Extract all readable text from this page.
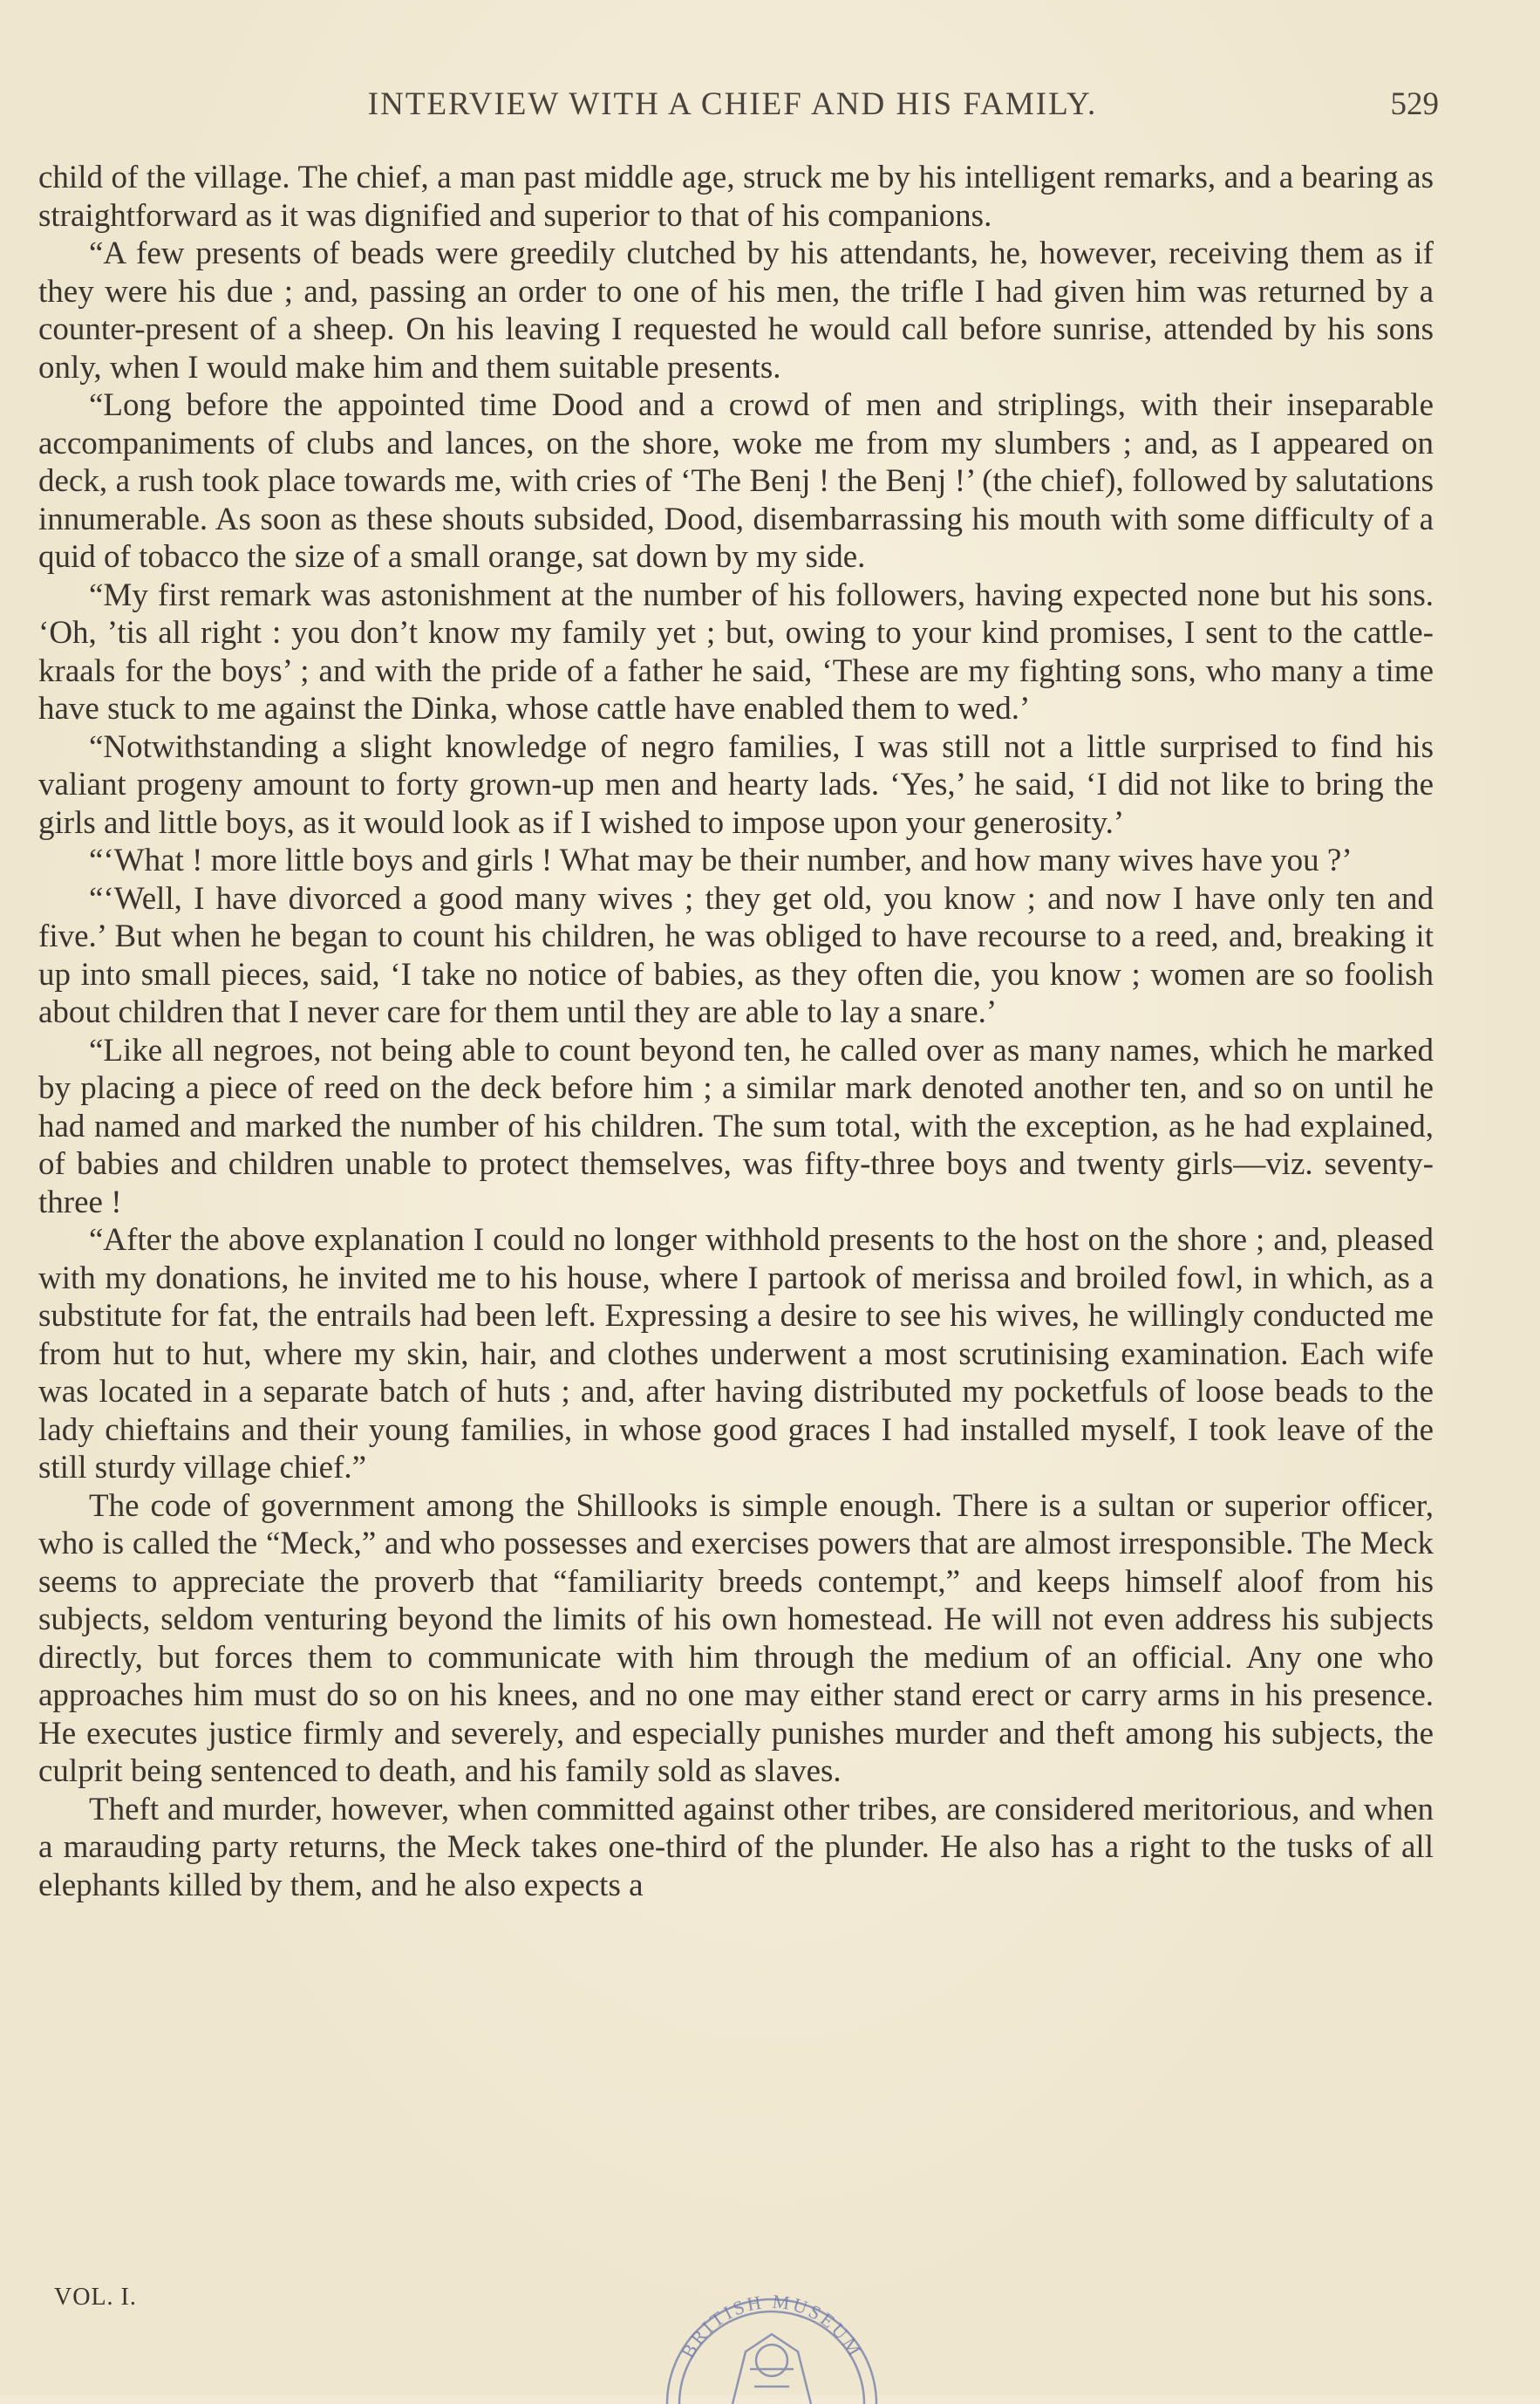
INTERVIEW WITH A CHIEF AND HIS FAMILY.	529

child of the village. The chief, a man past middle age, struck me by his intelligent remarks, and a bearing as straightforward as it was dignified and superior to that of his companions.

“A few presents of beads were greedily clutched by his attendants, he, however, receiving them as if they were his due ; and, passing an order to one of his men, the trifle I had given him was returned by a counter-present of a sheep. On his leaving I requested he would call before sunrise, attended by his sons only, when I would make him and them suitable presents.

“Long before the appointed time Dood and a crowd of men and striplings, with their inseparable accompaniments of clubs and lances, on the shore, woke me from my slumbers ; and, as I appeared on deck, a rush took place towards me, with cries of ‘The Benj ! the Benj !’ (the chief), followed by salutations innumerable. As soon as these shouts subsided, Dood, disembarrassing his mouth with some difficulty of a quid of tobacco the size of a small orange, sat down by my side.

“My first remark was astonishment at the number of his followers, having expected none but his sons. ‘Oh, ’tis all right : you don’t know my family yet ; but, owing to your kind promises, I sent to the cattle-kraals for the boys’ ; and with the pride of a father he said, ‘These are my fighting sons, who many a time have stuck to me against the Dinka, whose cattle have enabled them to wed.’

“Notwithstanding a slight knowledge of negro families, I was still not a little surprised to find his valiant progeny amount to forty grown-up men and hearty lads. ‘Yes,’ he said, ‘I did not like to bring the girls and little boys, as it would look as if I wished to impose upon your generosity.’

“‘What ! more little boys and girls ! What may be their number, and how many wives have you ?’

“‘Well, I have divorced a good many wives ; they get old, you know ; and now I have only ten and five.’ But when he began to count his children, he was obliged to have recourse to a reed, and, breaking it up into small pieces, said, ‘I take no notice of babies, as they often die, you know ; women are so foolish about children that I never care for them until they are able to lay a snare.’

“Like all negroes, not being able to count beyond ten, he called over as many names, which he marked by placing a piece of reed on the deck before him ; a similar mark denoted another ten, and so on until he had named and marked the number of his children. The sum total, with the exception, as he had explained, of babies and children unable to protect themselves, was fifty-three boys and twenty girls—viz. seventy-three !

“After the above explanation I could no longer withhold presents to the host on the shore ; and, pleased with my donations, he invited me to his house, where I partook of merissa and broiled fowl, in which, as a substitute for fat, the entrails had been left. Expressing a desire to see his wives, he willingly conducted me from hut to hut, where my skin, hair, and clothes underwent a most scrutinising examination. Each wife was located in a separate batch of huts ; and, after having distributed my pocketfuls of loose beads to the lady chieftains and their young families, in whose good graces I had installed myself, I took leave of the still sturdy village chief.”

The code of government among the Shillooks is simple enough. There is a sultan or superior officer, who is called the “Meck,” and who possesses and exercises powers that are almost irresponsible. The Meck seems to appreciate the proverb that “familiarity breeds contempt,” and keeps himself aloof from his subjects, seldom venturing beyond the limits of his own homestead. He will not even address his subjects directly, but forces them to communicate with him through the medium of an official. Any one who approaches him must do so on his knees, and no one may either stand erect or carry arms in his presence. He executes justice firmly and severely, and especially punishes murder and theft among his subjects, the culprit being sentenced to death, and his family sold as slaves.

Theft and murder, however, when committed against other tribes, are considered meritorious, and when a marauding party returns, the Meck takes one-third of the plunder. He also has a right to the tusks of all elephants killed by them, and he also expects a

VOL. I.
BRITISH MUSEUM
